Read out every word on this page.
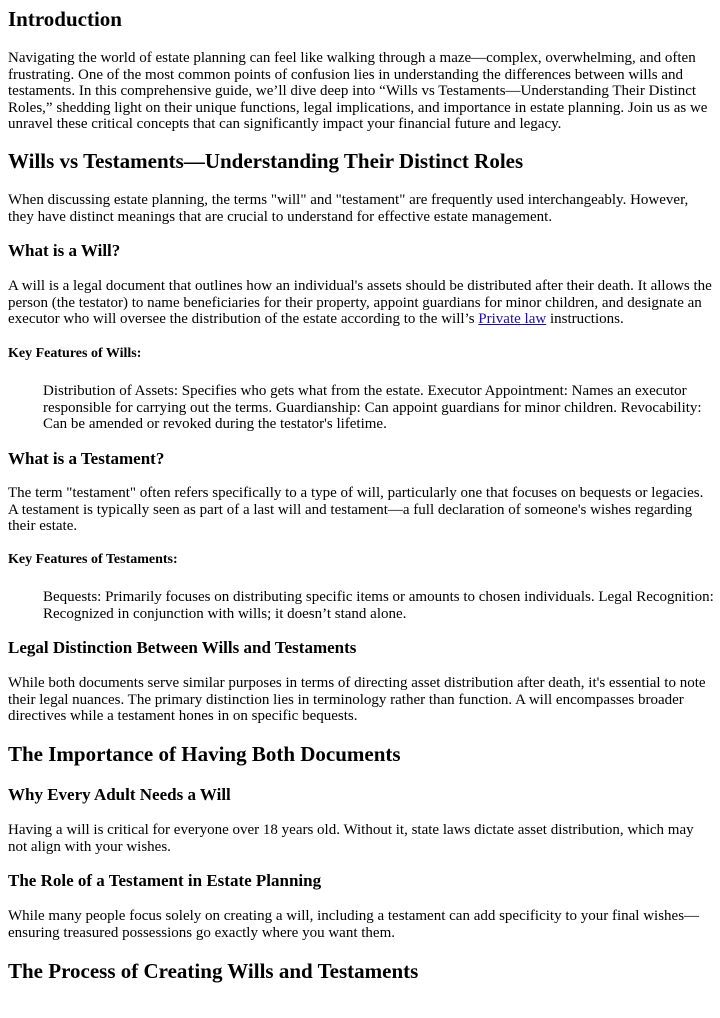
Introduction

Navigating the world of estate planning can feel like walking through a maze—complex, overwhelming, and often frustrating. One of the most common points of confusion lies in understanding the differences between wills and testaments. In this comprehensive guide, we’ll dive deep into “Wills vs Testaments—Understanding Their Distinct Roles,” shedding light on their unique functions, legal implications, and importance in estate planning. Join us as we unravel these critical concepts that can significantly impact your financial future and legacy.

Wills vs Testaments—Understanding Their Distinct Roles

When discussing estate planning, the terms "will" and "testament" are frequently used interchangeably. However, they have distinct meanings that are crucial to understand for effective estate management.

What is a Will?

A will is a legal document that outlines how an individual's assets should be distributed after their death. It allows the person (the testator) to name beneficiaries for their property, appoint guardians for minor children, and designate an executor who will oversee the distribution of the estate according to the will’s Private law instructions.

Key Features of Wills:
Distribution of Assets: Specifies who gets what from the estate. Executor Appointment: Names an executor responsible for carrying out the terms. Guardianship: Can appoint guardians for minor children. Revocability: Can be amended or revoked during the testator's lifetime.
What is a Testament?

The term "testament" often refers specifically to a type of will, particularly one that focuses on bequests or legacies. A testament is typically seen as part of a last will and testament—a full declaration of someone's wishes regarding their estate.

Key Features of Testaments:
Bequests: Primarily focuses on distributing specific items or amounts to chosen individuals. Legal Recognition: Recognized in conjunction with wills; it doesn’t stand alone.
Legal Distinction Between Wills and Testaments

While both documents serve similar purposes in terms of directing asset distribution after death, it's essential to note their legal nuances. The primary distinction lies in terminology rather than function. A will encompasses broader directives while a testament hones in on specific bequests.

The Importance of Having Both Documents
Why Every Adult Needs a Will

Having a will is critical for everyone over 18 years old. Without it, state laws dictate asset distribution, which may not align with your wishes.

The Role of a Testament in Estate Planning

While many people focus solely on creating a will, including a testament can add specificity to your final wishes—ensuring treasured possessions go exactly where you want them.

The Process of Creating Wills and Testaments
